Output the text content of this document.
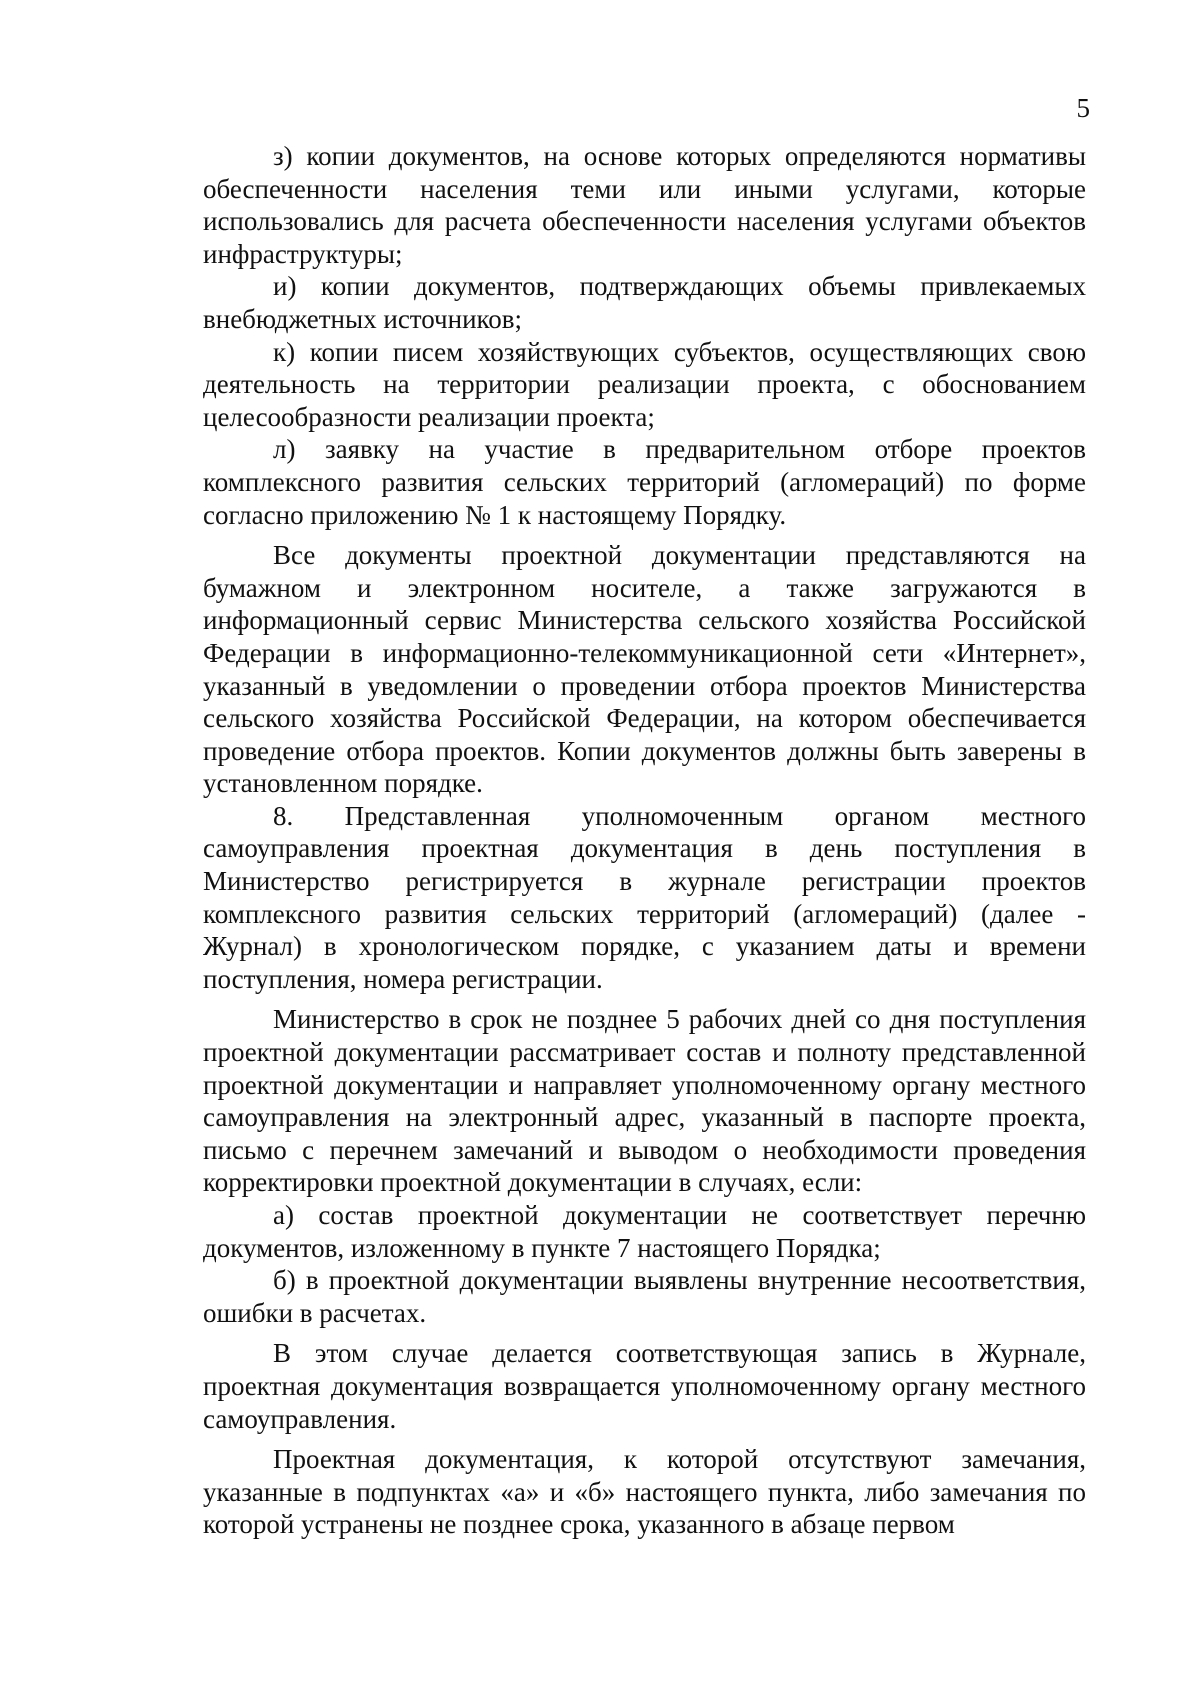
5

з) копии документов, на основе которых определяются нормативы обеспеченности населения теми или иными услугами, которые использовались для расчета обеспеченности населения услугами объектов инфраструктуры;

и) копии документов, подтверждающих объемы привлекаемых внебюджетных источников;

к) копии писем хозяйствующих субъектов, осуществляющих свою деятельность на территории реализации проекта, с обоснованием целесообразности реализации проекта;

л) заявку на участие в предварительном отборе проектов комплексного развития сельских территорий (агломераций) по форме согласно приложению № 1 к настоящему Порядку.

Все документы проектной документации представляются на бумажном и электронном носителе, а также загружаются в информационный сервис Министерства сельского хозяйства Российской Федерации в информационно-телекоммуникационной сети «Интернет», указанный в уведомлении о проведении отбора проектов Министерства сельского хозяйства Российской Федерации, на котором обеспечивается проведение отбора проектов. Копии документов должны быть заверены в установленном порядке.

8. Представленная уполномоченным органом местного самоуправления проектная документация в день поступления в Министерство регистрируется в журнале регистрации проектов комплексного развития сельских территорий (агломераций) (далее - Журнал) в хронологическом порядке, с указанием даты и времени поступления, номера регистрации.

Министерство в срок не позднее 5 рабочих дней со дня поступления проектной документации рассматривает состав и полноту представленной проектной документации и направляет уполномоченному органу местного самоуправления на электронный адрес, указанный в паспорте проекта, письмо с перечнем замечаний и выводом о необходимости проведения корректировки проектной документации в случаях, если:

а) состав проектной документации не соответствует перечню документов, изложенному в пункте 7 настоящего Порядка;

б) в проектной документации выявлены внутренние несоответствия, ошибки в расчетах.

В этом случае делается соответствующая запись в Журнале, проектная документация возвращается уполномоченному органу местного самоуправления.

Проектная документация, к которой отсутствуют замечания, указанные в подпунктах «а» и «б» настоящего пункта, либо замечания по которой устранены не позднее срока, указанного в абзаце первом
